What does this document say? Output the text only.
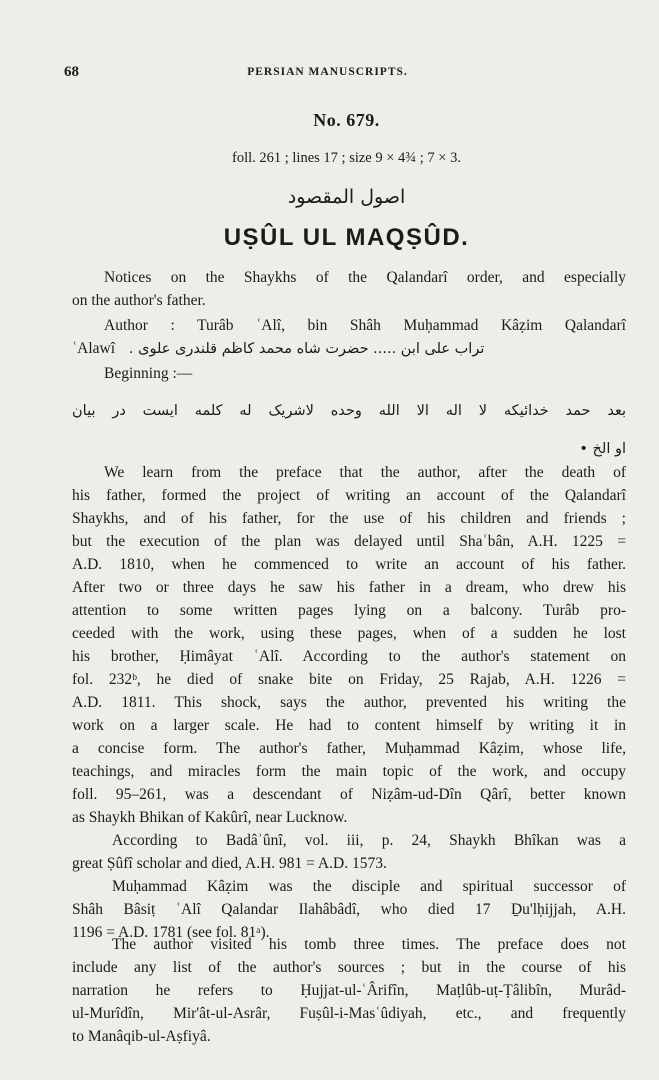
68	PERSIAN MANUSCRIPTS.
No. 679.
foll. 261 ; lines 17 ; size 9 × 4¾ ; 7 × 3.
اصول المقصود
UṢÛL UL MAQṢÛD.
Notices on the Shaykhs of the Qalandarî order, and especially
on the author's father.
Author : Turâb ʿAlî, bin Shâh Muḥammad Kâẓim Qalandarî
ʿAlawî تراب علی ابن ..... حضرت شاه محمد کاظم قلندری علوی .
Beginning :—
بعد حمد خدائیکه لا اله الا الله وحده لاشریک له کلمه ایست در بیان
او الخ •
We learn from the preface that the author, after the death of
his father, formed the project of writing an account of the Qalandarî
Shaykhs, and of his father, for the use of his children and friends ;
but the execution of the plan was delayed until Shaʿbân, A.H. 1225 =
A.D. 1810, when he commenced to write an account of his father.
After two or three days he saw his father in a dream, who drew his
attention to some written pages lying on a balcony. Turâb pro-
ceeded with the work, using these pages, when of a sudden he lost
his brother, Ḥimâyat ʿAlî. According to the author's statement on
fol. 232ᵇ, he died of snake bite on Friday, 25 Rajab, A.H. 1226 =
A.D. 1811. This shock, says the author, prevented his writing the
work on a larger scale. He had to content himself by writing it in
a concise form. The author's father, Muḥammad Kâẓim, whose life,
teachings, and miracles form the main topic of the work, and occupy
foll. 95–261, was a descendant of Niẓâm-ud-Dîn Qârî, better known
as Shaykh Bhikan of Kakûrî, near Lucknow.
According to Badâʾûnî, vol. iii, p. 24, Shaykh Bhîkan was a
great Ṣûfî scholar and died, A.H. 981 = A.D. 1573.
Muḥammad Kâẓim was the disciple and spiritual successor of
Shâh Bâsiṭ ʿAlî Qalandar Ilahâbâdî, who died 17 Ḏu'lḥijjah, A.H.
1196 = A.D. 1781 (see fol. 81ᵃ).
The author visited his tomb three times. The preface does not
include any list of the author's sources ; but in the course of his
narration he refers to Ḥujjat-ul-ʿÂrifîn, Maṭlûb-uṭ-Ṭâlibîn, Murâd-
ul-Murîdîn, Mir'ât-ul-Asrâr, Fuṣûl-i-Masʿûdiyah, etc., and frequently
to Manâqib-ul-Aṣfiyâ.
